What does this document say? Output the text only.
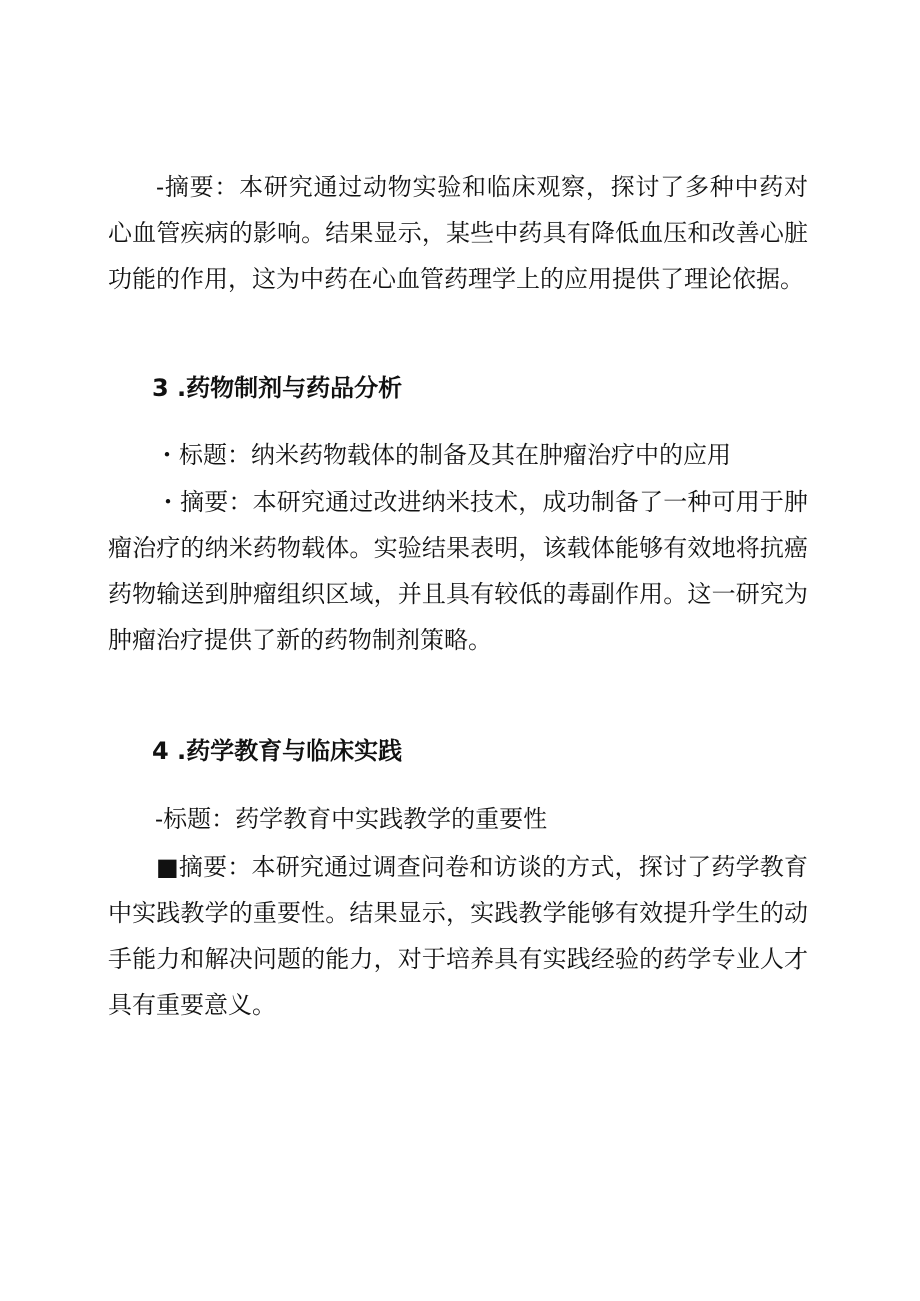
-摘要：本研究通过动物实验和临床观察，探讨了多种中药对心血管疾病的影响。结果显示，某些中药具有降低血压和改善心脏功能的作用，这为中药在心血管药理学上的应用提供了理论依据。

3 .药物制剂与药品分析

・标题：纳米药物载体的制备及其在肿瘤治疗中的应用

・摘要：本研究通过改进纳米技术，成功制备了一种可用于肿瘤治疗的纳米药物载体。实验结果表明，该载体能够有效地将抗癌药物输送到肿瘤组织区域，并且具有较低的毒副作用。这一研究为肿瘤治疗提供了新的药物制剂策略。

4 .药学教育与临床实践

-标题：药学教育中实践教学的重要性

■摘要：本研究通过调查问卷和访谈的方式，探讨了药学教育中实践教学的重要性。结果显示，实践教学能够有效提升学生的动手能力和解决问题的能力，对于培养具有实践经验的药学专业人才具有重要意义。
